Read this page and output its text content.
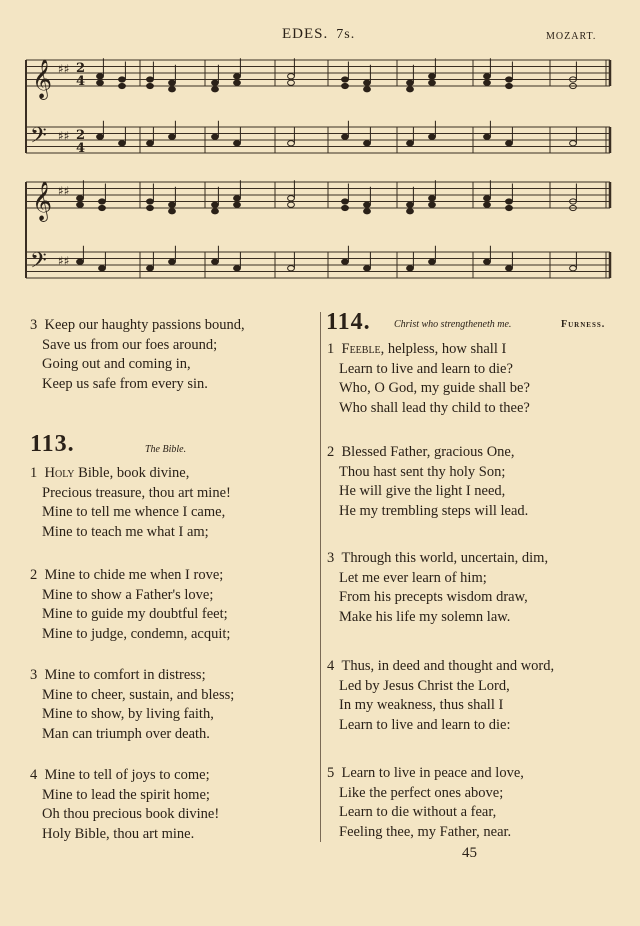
EDES. 7s.	MOZART.
𝄞
𝄞
𝄢
𝄢
♯♯
♯♯
♯♯
♯♯
2
4
2
4
3 Keep our haughty passions bound,
Save us from our foes around;
Going out and coming in,
Keep us safe from every sin.
113.	The Bible.
1 Holy Bible, book divine,
Precious treasure, thou art mine!
Mine to tell me whence I came,
Mine to teach me what I am;
2 Mine to chide me when I rove;
Mine to show a Father's love;
Mine to guide my doubtful feet;
Mine to judge, condemn, acquit;
3 Mine to comfort in distress;
Mine to cheer, sustain, and bless;
Mine to show, by living faith,
Man can triumph over death.
4 Mine to tell of joys to come;
Mine to lead the spirit home;
Oh thou precious book divine!
Holy Bible, thou art mine.
114. Christ who strengtheneth me.	Furness.
1 Feeble, helpless, how shall I
Learn to live and learn to die?
Who, O God, my guide shall be?
Who shall lead thy child to thee?
2 Blessed Father, gracious One,
Thou hast sent thy holy Son;
He will give the light I need,
He my trembling steps will lead.
3 Through this world, uncertain, dim,
Let me ever learn of him;
From his precepts wisdom draw,
Make his life my solemn law.
4 Thus, in deed and thought and word,
Led by Jesus Christ the Lord,
In my weakness, thus shall I
Learn to live and learn to die:
5 Learn to live in peace and love,
Like the perfect ones above;
Learn to die without a fear,
Feeling thee, my Father, near.
45
